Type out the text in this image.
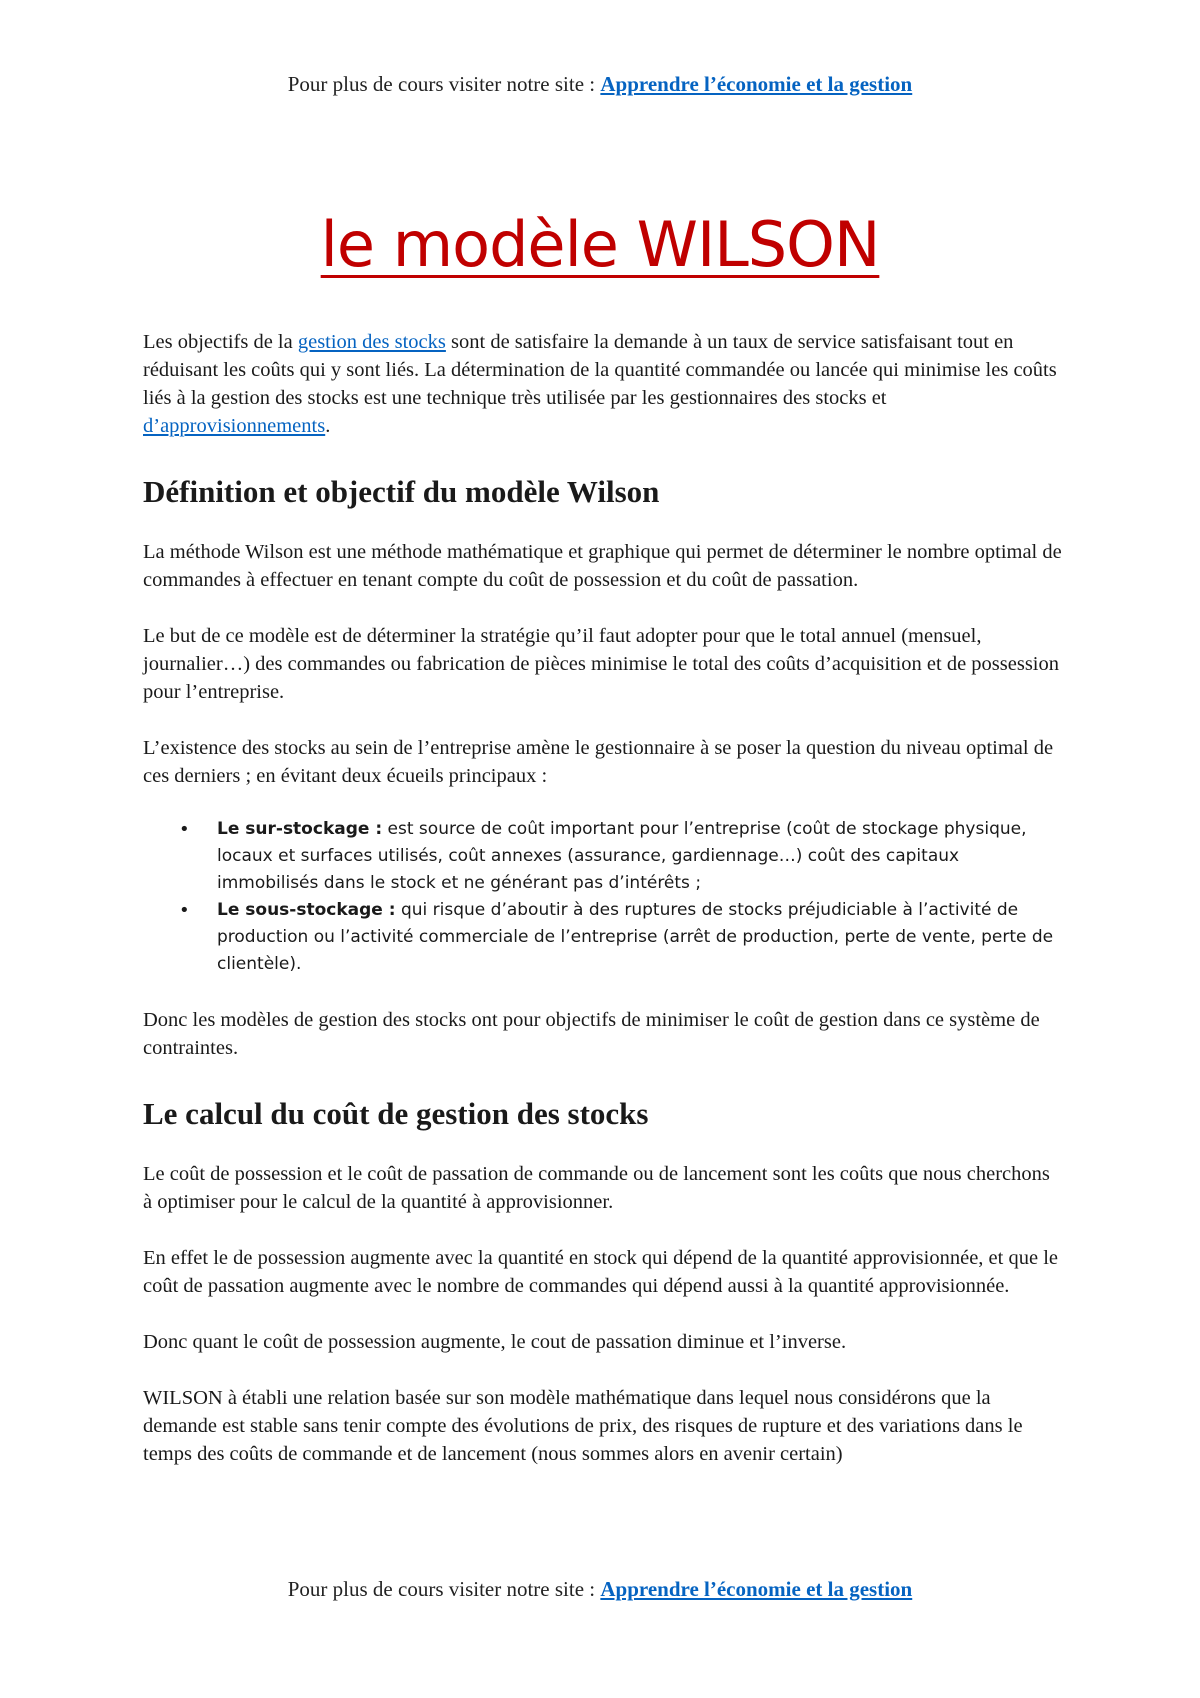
Pour plus de cours visiter notre site : Apprendre l’économie et la gestion
le modèle WILSON

Les objectifs de la gestion des stocks sont de satisfaire la demande à un taux de service satisfaisant tout en réduisant les coûts qui y sont liés. La détermination de la quantité commandée ou lancée qui minimise les coûts liés à la gestion des stocks est une technique très utilisée par les gestionnaires des stocks et d’approvisionnements.

Définition et objectif du modèle Wilson

La méthode Wilson est une méthode mathématique et graphique qui permet de déterminer le nombre optimal de commandes à effectuer en tenant compte du coût de possession et du coût de passation.

Le but de ce modèle est de déterminer la stratégie qu’il faut adopter pour que le total annuel (mensuel, journalier…) des commandes ou fabrication de pièces minimise le total des coûts d’acquisition et de possession pour l’entreprise.

L’existence des stocks au sein de l’entreprise amène le gestionnaire à se poser la question du niveau optimal de ces derniers ; en évitant deux écueils principaux :

• Le sur-stockage : est source de coût important pour l’entreprise (coût de stockage physique, locaux et surfaces utilisés, coût annexes (assurance, gardiennage…) coût des capitaux immobilisés dans le stock et ne générant pas d’intérêts ;
• Le sous-stockage : qui risque d’aboutir à des ruptures de stocks préjudiciable à l’activité de production ou l’activité commerciale de l’entreprise (arrêt de production, perte de vente, perte de clientèle).

Donc les modèles de gestion des stocks ont pour objectifs de minimiser le coût de gestion dans ce système de contraintes.

Le calcul du coût de gestion des stocks

Le coût de possession et le coût de passation de commande ou de lancement sont les coûts que nous cherchons à optimiser pour le calcul de la quantité à approvisionner.

En effet le de possession augmente avec la quantité en stock qui dépend de la quantité approvisionnée, et que le coût de passation augmente avec le nombre de commandes qui dépend aussi à la quantité approvisionnée.

Donc quant le coût de possession augmente, le cout de passation diminue et l’inverse.

WILSON à établi une relation basée sur son modèle mathématique dans lequel nous considérons que la demande est stable sans tenir compte des évolutions de prix, des risques de rupture et des variations dans le temps des coûts de commande et de lancement (nous sommes alors en avenir certain)

Pour plus de cours visiter notre site : Apprendre l’économie et la gestion
